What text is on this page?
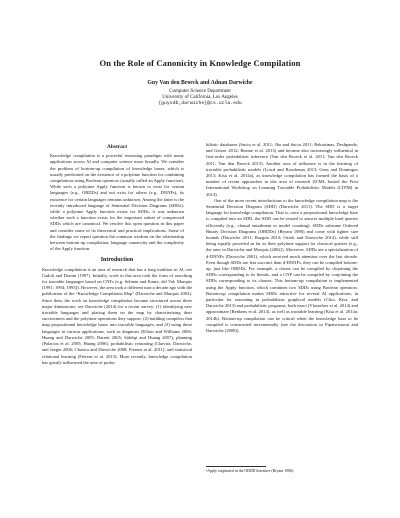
On the Role of Canonicity in Knowledge Compilation
Guy Van den Broeck and Adnan Darwiche
Computer Science Department
University of California, Los Angeles
{guyvdb,darwiche}@cs.ucla.edu
Abstract

Knowledge compilation is a powerful reasoning paradigm with many applications across AI and computer science more broadly. We consider the problem of bottom-up compilation of knowledge bases, which is usually predicated on the existence of a polytime function for combining compilations using Boolean operators (usually called an Apply function). While such a polytime Apply function is known to exist for certain languages (e.g., OBDDs) and not exist for others (e.g., DNNFs), its existence for certain languages remains unknown. Among the latter is the recently introduced language of Sentential Decision Diagrams (SDDs): while a polytime Apply function exists for SDDs, it was unknown whether such a function exists for the important subset of compressed SDDs which are canonical. We resolve this open question in this paper and consider some of its theoretical and practical implications. Some of the findings we report question the common wisdom on the relationship between bottom-up compilation, language canonicity and the complexity of the Apply function.

Introduction

Knowledge compilation is an area of research that has a long tradition in AI; see Cadoli and Donini (1997). Initially, work in this area took the form of searching for tractable languages based on CNFs (e.g. Selman and Kautz; del Val; Marquis (1991; 1994; 1995)). However, the area took a different turn a decade ago with the publication of the “Knowledge Compilation Map” (Darwiche and Marquis 2002). Since then, the work on knowledge compilation became structured across three major dimensions; see Darwiche (2014) for a recent survey: (1) identifying new tractable languages and placing them on the map by characterizing their succinctness and the polytime operations they support; (2) building compilers that map propositional knowledge bases into tractable languages; and (3) using these languages in various applications, such as diagnosis (Elliott and Williams 2006; Huang and Darwiche 2005; Barrett 2005; Siddiqi and Huang 2007), planning (Palacios et al. 2005; Huang 2006), probabilistic reasoning (Chavira, Darwiche, and Jaeger 2006; Chavira and Darwiche 2008; Fierens et al. 2011), and statistical relational learning (Fierens et al. 2013). More recently, knowledge compilation has greatly influenced the area of proba-

bilistic databases (Suciu et al. 2011; Jha and Suciu 2011; Rekatsinas, Deshpande, and Getoor 2012; Beame et al. 2013) and became also increasingly influential in first-order probabilistic inference (Van den Broeck et al. 2011; Van den Broeck 2011; Van den Broeck 2013). Another area of influence is in the learning of tractable probabilistic models (Lowd and Rooshenas 2013; Gens and Domingos 2013; Kisa et al. 2014a), as knowledge compilation has formed the basis of a number of recent approaches in this area of research (ICML hosted the First International Workshop on Learning Tractable Probabilistic Models (LTPM) in 2014).

One of the more recent introductions to the knowledge compilation map is the Sentential Decision Diagram (SDD) (Darwiche 2011). The SDD is a target language for knowledge compilation. That is, once a propositional knowledge base is compiled into an SDD, the SDD can be reused to answer multiple hard queries efficiently (e.g., clausal entailment or model counting). SDDs subsume Ordered Binary Decision Diagrams (OBDDs) (Bryant 1986) and come with tighter size bounds (Darwiche 2011; Razgon 2013; Oztok and Darwiche 2014), while still being equally powerful as far as their polytime support for classical queries (e.g., the ones in Darwiche and Marquis (2002)). Moreover, SDDs are a specialization of d-DNNFs (Darwiche 2001), which received much attention over the last decade. Even though SDDs are less succinct than d-DNNFs, they can be compiled bottom-up, just like OBDDs. For example, a clause can be compiled by disjoining the SDDs corresponding to its literals, and a CNF can be compiled by conjoining the SDDs corresponding to its clauses. This bottom-up compilation is implemented using the Apply function, which combines two SDDs using Boolean operators. Bottom-up compilation makes SDDs attractive for several AI applications, in particular for reasoning in probabilistic graphical models (Choi, Kisa, and Darwiche 2013) and probabilistic programs, both exact (Vlasselaer et al. 2014) and approximate (Renkens et al. 2014), as well as tractable learning (Kisa et al. 2014a; 2014b). Bottom-up compilation can be critical when the knowledge base to be compiled is constructed incrementally (see the discussion in Pipatsrisawat and Darwiche (2008)).

¹Apply originated in the OBDD literature (Bryant 1986).
